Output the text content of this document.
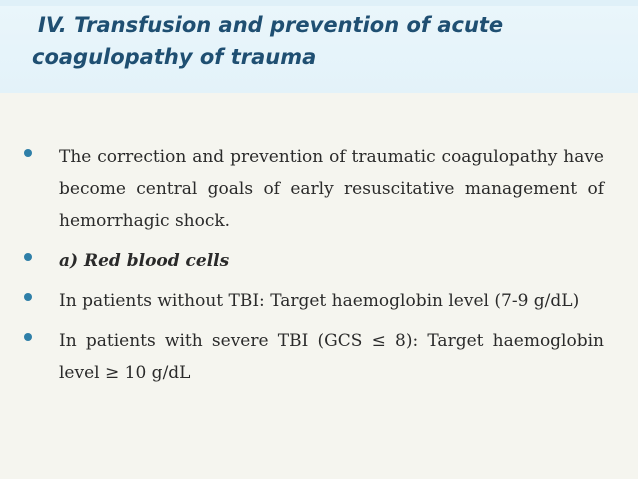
IV. Transfusion and prevention of acute
coagulopathy of trauma
The correction and prevention of traumatic coagulopathy have become central goals of early resuscitative management of hemorrhagic shock.
a) Red blood cells
In patients without TBI: Target haemoglobin level (7-9 g/dL)
In patients with severe TBI (GCS ≤ 8): Target haemoglobin level ≥ 10 g/dL
